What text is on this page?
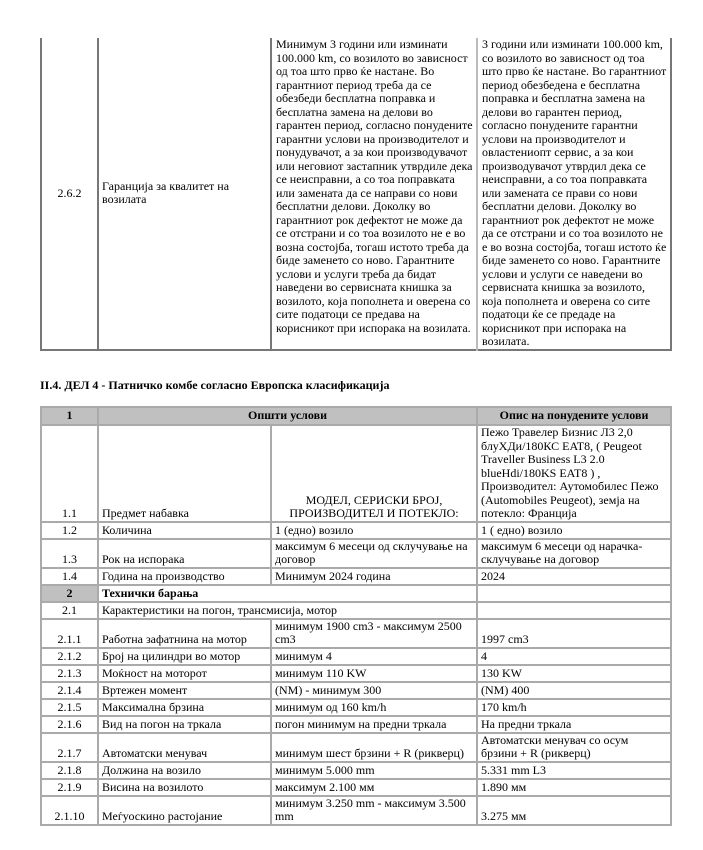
2.6.2	Гаранција за квалитет на возилата	Минимум 3 години или изминати 100.000 km, со возилото во зависност од тоа што прво ќе настане. Во гарантниот период треба да се обезбеди бесплатна поправка и бесплатна замена на делови во гарантен период, согласно понудените гарантни услови на производителот и понудувачот, а за кои производувачот или неговиот застапник утврдиле дека се неисправни, а со тоа поправката или замената да се направи со нови бесплатни делови. Доколку во гарантниот рок дефектот не може да се отстрани и со тоа возилото не е во возна состојба, тогаш истото треба да биде заменето со ново. Гарантните услови и услуги треба да бидат наведени во сервисната книшка за возилото, која пополнета и оверена со сите податоци се предава на корисникот при испорака на возилата.	3 години или изминати 100.000 km, со возилото во зависност од тоа што прво ќе настане. Во гарантниот период обезбедена е бесплатна поправка и бесплатна замена на делови во гарантен период, согласно понудените гарантни услови на производителот и овластениопт сервис, а за кои производувачот утврдил дека се неисправни, а со тоа поправката или замената се прави со нови бесплатни делови. Доколку во гарантниот рок дефектот не може да се отстрани и со тоа возилото не е во возна состојба, тогаш истото ќе биде заменето со ново. Гарантните услови и услуги се наведени во сервисната книшка за возилото, која пополнета и оверена со сите податоци ќе се предаде на корисникот при испорака на возилата.
II.4. ДЕЛ 4 - Патничко комбе согласно Европска класификација
1	Општи услови		Опис на понудените услови
1.1	Предмет набавка	МОДЕЛ, СЕРИСКИ БРОЈ, ПРОИЗВОДИТЕЛ И ПОТЕКЛО:	Пежо Травелер Бизнис Л3 2,0 блуХДи/180КС EAT8, ( Peugeot Traveller Business L3 2.0 blueHdi/180KS EAT8 ) , Производител: Аутомобилес Пежо (Automobiles Peugeot), земја на потекло: Франција
1.2	Количина	1 (едно) возило	1 ( едно) возило
1.3	Рок на испорака	максимум 6 месеци од склучување на договор	максимум 6 месеци од нарачка-склучување на договор
1.4	Година на производство	Минимум 2024 година	2024
2	Технички барања		
2.1	Карактеристики на погон, трансмисија, мотор		
2.1.1	Работна зафатнина на мотор	минимум 1900 cm3 - максимум 2500 cm3	1997 cm3
2.1.2	Број на цилиндри во мотор	минимум 4	4
2.1.3	Моќност на моторот	минимум 110 KW	130 KW
2.1.4	Вртежен момент	(NM) - минимум 300	(NM) 400
2.1.5	Максимална брзина	минимум од 160 km/h	170 km/h
2.1.6	Вид на погон на тркала	погон минимум на предни тркала	На предни тркала
2.1.7	Автоматски менувач	минимум шест брзини + R (рикверц)	Автоматски менувач со осум брзини + R (рикверц)
2.1.8	Должина на возило	минимум 5.000 mm	5.331 mm L3
2.1.9	Висина на возилото	максимум 2.100 мм	1.890 мм
2.1.10	Меѓуоскино растојание	минимум 3.250 mm - максимум 3.500 mm	3.275 мм
